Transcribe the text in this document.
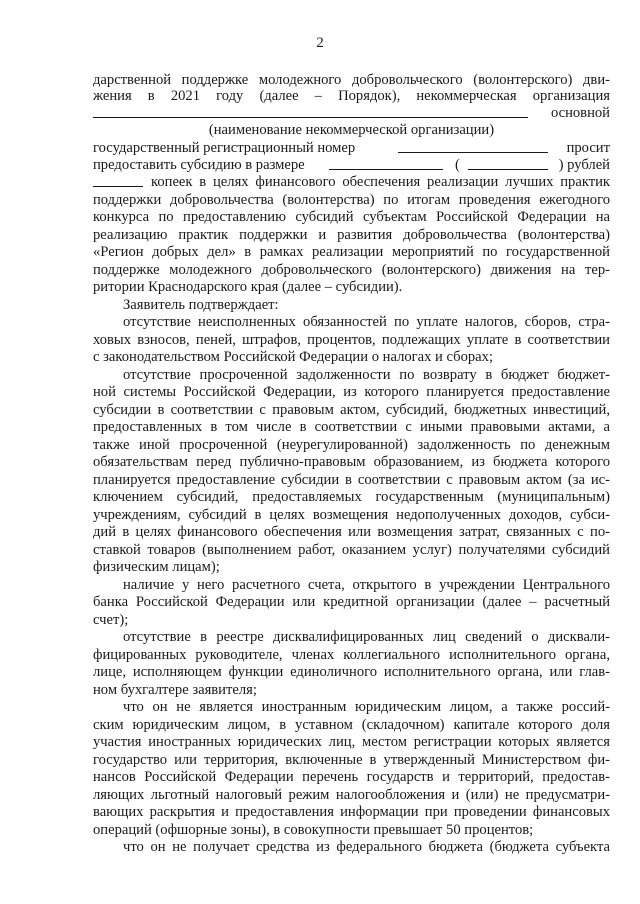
2
дарственной поддержке молодежного добровольческого (волонтерского) дви-
жения в 2021 году (далее – Порядок), некоммерческая организация
основной
(наименование некоммерческой организации)
государственный регистрационный номер	просит
предоставить субсидию в размере	(	) рублей
копеек в целях финансового обеспечения реализации лучших практик
поддержки добровольчества (волонтерства) по итогам проведения ежегодного
конкурса по предоставлению субсидий субъектам Российской Федерации на
реализацию практик поддержки и развития добровольчества (волонтерства)
«Регион добрых дел» в рамках реализации мероприятий по государственной
поддержке молодежного добровольческого (волонтерского) движения на тер-
ритории Краснодарского края (далее – субсидии).
Заявитель подтверждает:
отсутствие неисполненных обязанностей по уплате налогов, сборов, стра-
ховых взносов, пеней, штрафов, процентов, подлежащих уплате в соответствии
с законодательством Российской Федерации о налогах и сборах;
отсутствие просроченной задолженности по возврату в бюджет бюджет-
ной системы Российской Федерации, из которого планируется предоставление
субсидии в соответствии с правовым актом, субсидий, бюджетных инвестиций,
предоставленных в том числе в соответствии с иными правовыми актами, а
также иной просроченной (неурегулированной) задолженность по денежным
обязательствам перед публично-правовым образованием, из бюджета которого
планируется предоставление субсидии в соответствии с правовым актом (за ис-
ключением субсидий, предоставляемых государственным (муниципальным)
учреждениям, субсидий в целях возмещения недополученных доходов, субси-
дий в целях финансового обеспечения или возмещения затрат, связанных с по-
ставкой товаров (выполнением работ, оказанием услуг) получателями субсидий
физическим лицам);
наличие у него расчетного счета, открытого в учреждении Центрального
банка Российской Федерации или кредитной организации (далее – расчетный
счет);
отсутствие в реестре дисквалифицированных лиц сведений о дисквали-
фицированных руководителе, членах коллегиального исполнительного органа,
лице, исполняющем функции единоличного исполнительного органа, или глав-
ном бухгалтере заявителя;
что он не является иностранным юридическим лицом, а также россий-
ским юридическим лицом, в уставном (складочном) капитале которого доля
участия иностранных юридических лиц, местом регистрации которых является
государство или территория, включенные в утвержденный Министерством фи-
нансов Российской Федерации перечень государств и территорий, предостав-
ляющих льготный налоговый режим налогообложения и (или) не предусматри-
вающих раскрытия и предоставления информации при проведении финансовых
операций (офшорные зоны), в совокупности превышает 50 процентов;
что он не получает средства из федерального бюджета (бюджета субъекта
